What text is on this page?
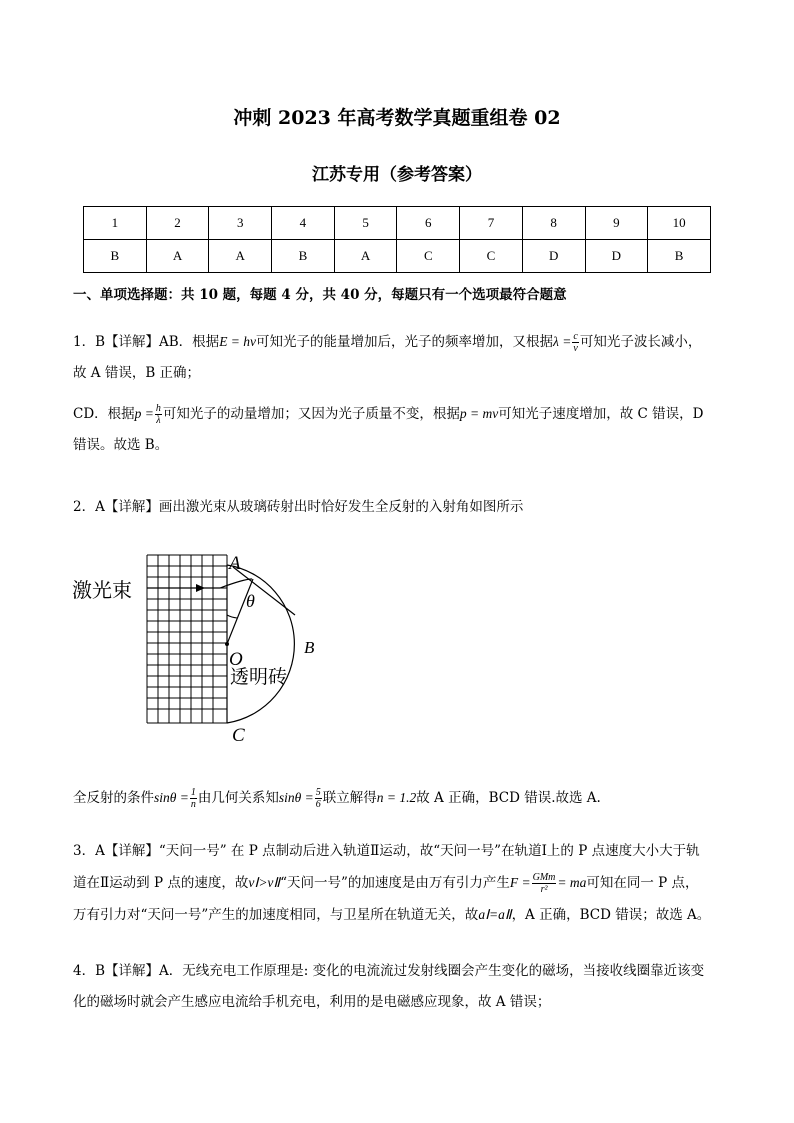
冲刺 2023 年高考数学真题重组卷 02
江苏专用（参考答案）
1	2	3	4	5	6	7	8	9	10
B	A	A	B	A	C	C	D	D	B
一、单项选择题：共 10 题，每题 4 分，共 40 分，每题只有一个选项最符合题意
1．B【详解】AB．根据E = hν可知光子的能量增加后，光子的频率增加，又根据$\lambda = \frac{c}{\nu}$ 可知光子波长减小，
故 A 错误，B 正确；
CD．根据$p = \frac{h}{\lambda}$ 可知光子的动量增加；又因为光子质量不变，根据p = mv可知光子速度增加，故 C 错误，D
错误。故选 B。
2．A【详解】画出激光束从玻璃砖射出时恰好发生全反射的入射角如图所示
激光束
A
θ
B
O
透明砖
C
全反射的条件$\sin\theta = \frac{1}{n}$ 由几何关系知$\sin\theta = \frac{5}{6}$ 联立解得n = 1.2故 A 正确，BCD 错误.故选 A.
3．A【详解】“天问一号” 在 P 点制动后进入轨道Ⅱ运动，故“天问一号”在轨道Ⅰ上的 P 点速度大小大于轨
道在Ⅱ运动到 P 点的速度，故vⅠ>vⅡ“天问一号”的加速度是由万有引力产生$F = \frac{\text{GMm}}{\text{r²}}$ = ma可知在同一 P 点，
万有引力对“天问一号”产生的加速度相同，与卫星所在轨道无关，故aⅠ=aⅡ，A 正确，BCD 错误；故选 A。
4．B【详解】A．无线充电工作原理是: 变化的电流流过发射线圈会产生变化的磁场，当接收线圈靠近该变
化的磁场时就会产生感应电流给手机充电，利用的是电磁感应现象，故 A 错误；
